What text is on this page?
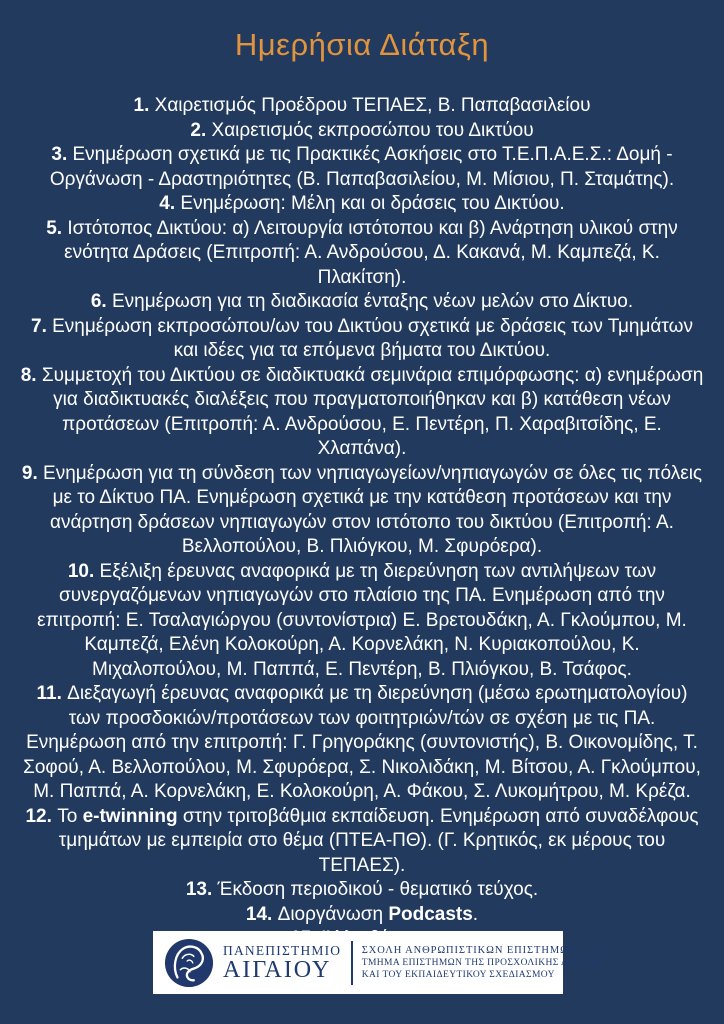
Ημερήσια Διάταξη
1. Χαιρετισμός Προέδρου ΤΕΠΑΕΣ, Β. Παπαβασιλείου
2. Χαιρετισμός εκπροσώπου του Δικτύου
3. Ενημέρωση σχετικά με τις Πρακτικές Ασκήσεις στο Τ.Ε.Π.Α.Ε.Σ.: Δομή - Οργάνωση - Δραστηριότητες (Β. Παπαβασιλείου, Μ. Μίσιου, Π. Σταμάτης).
4. Ενημέρωση: Μέλη και οι δράσεις του Δικτύου.
5. Ιστότοπος Δικτύου: α) Λειτουργία ιστότοπου και β) Ανάρτηση υλικού στην ενότητα Δράσεις (Επιτροπή: Α. Ανδρούσου, Δ. Κακανά, Μ. Καμπεζά, Κ. Πλακίτση).
6. Ενημέρωση για τη διαδικασία ένταξης νέων μελών στο Δίκτυο.
7. Ενημέρωση εκπροσώπου/ων του Δικτύου σχετικά με δράσεις των Τμημάτων και ιδέες για τα επόμενα βήματα του Δικτύου.
8. Συμμετοχή του Δικτύου σε διαδικτυακά σεμινάρια επιμόρφωσης: α) ενημέρωση για διαδικτυακές διαλέξεις που πραγματοποιήθηκαν και β) κατάθεση νέων προτάσεων (Επιτροπή: Α. Ανδρούσου, Ε. Πεντέρη, Π. Χαραβιτσίδης, Ε. Χλαπάνα).
9. Ενημέρωση για τη σύνδεση των νηπιαγωγείων/νηπιαγωγών σε όλες τις πόλεις με το Δίκτυο ΠΑ. Ενημέρωση σχετικά με την κατάθεση προτάσεων και την ανάρτηση δράσεων νηπιαγωγών στον ιστότοπο του δικτύου (Επιτροπή: Α. Βελλοπούλου, Β. Πλιόγκου, Μ. Σφυρόερα).
10. Εξέλιξη έρευνας αναφορικά με τη διερεύνηση των αντιλήψεων των συνεργαζόμενων νηπιαγωγών στο πλαίσιο της ΠΑ. Ενημέρωση από την επιτροπή: Ε. Τσαλαγιώργου (συντονίστρια) Ε. Βρετουδάκη, Α. Γκλούμπου, Μ. Καμπεζά, Ελένη Κολοκούρη, Α. Κορνελάκη, Ν. Κυριακοπούλου, Κ. Μιχαλοπούλου, Μ. Παππά, Ε. Πεντέρη, Β. Πλιόγκου, Β. Τσάφος.
11. Διεξαγωγή έρευνας αναφορικά με τη διερεύνηση (μέσω ερωτηματολογίου) των προσδοκιών/προτάσεων των φοιτητριών/τών σε σχέση με τις ΠΑ. Ενημέρωση από την επιτροπή: Γ. Γρηγοράκης (συντονιστής), Β. Οικονομίδης, Τ. Σοφού, Α. Βελλοπούλου, Μ. Σφυρόερα, Σ. Νικολιδάκη, Μ. Βίτσου, Α. Γκλούμπου, Μ. Παππά, Α. Κορνελάκη, Ε. Κολοκούρη, Α. Φάκου, Σ. Λυκομήτρου, Μ. Κρέζα.
12. Το e-twinning στην τριτοβάθμια εκπαίδευση. Ενημέρωση από συναδέλφους τμημάτων με εμπειρία στο θέμα (ΠΤΕΑ-ΠΘ). (Γ. Κρητικός, εκ μέρους του ΤΕΠΑΕΣ).
13. Έκδοση περιοδικού - θεματικό τεύχος.
14. Διοργάνωση Podcasts.
ΠΑΝΕΠΙΣΤΗΜΙΟ
ΑΙΓΑΙΟΥ
ΣΧΟΛΗ ΑΝΘΡΩΠΙΣΤΙΚΩΝ ΕΠΙΣΤΗΜΩΝ
ΤΜΗΜΑ ΕΠΙΣΤΗΜΩΝ ΤΗΣ ΠΡΟΣΧΟΛΙΚΗΣ ΑΓΩΓΗΣ
ΚΑΙ ΤΟΥ ΕΚΠΑΙΔΕΥΤΙΚΟΥ ΣΧΕΔΙΑΣΜΟΥ
